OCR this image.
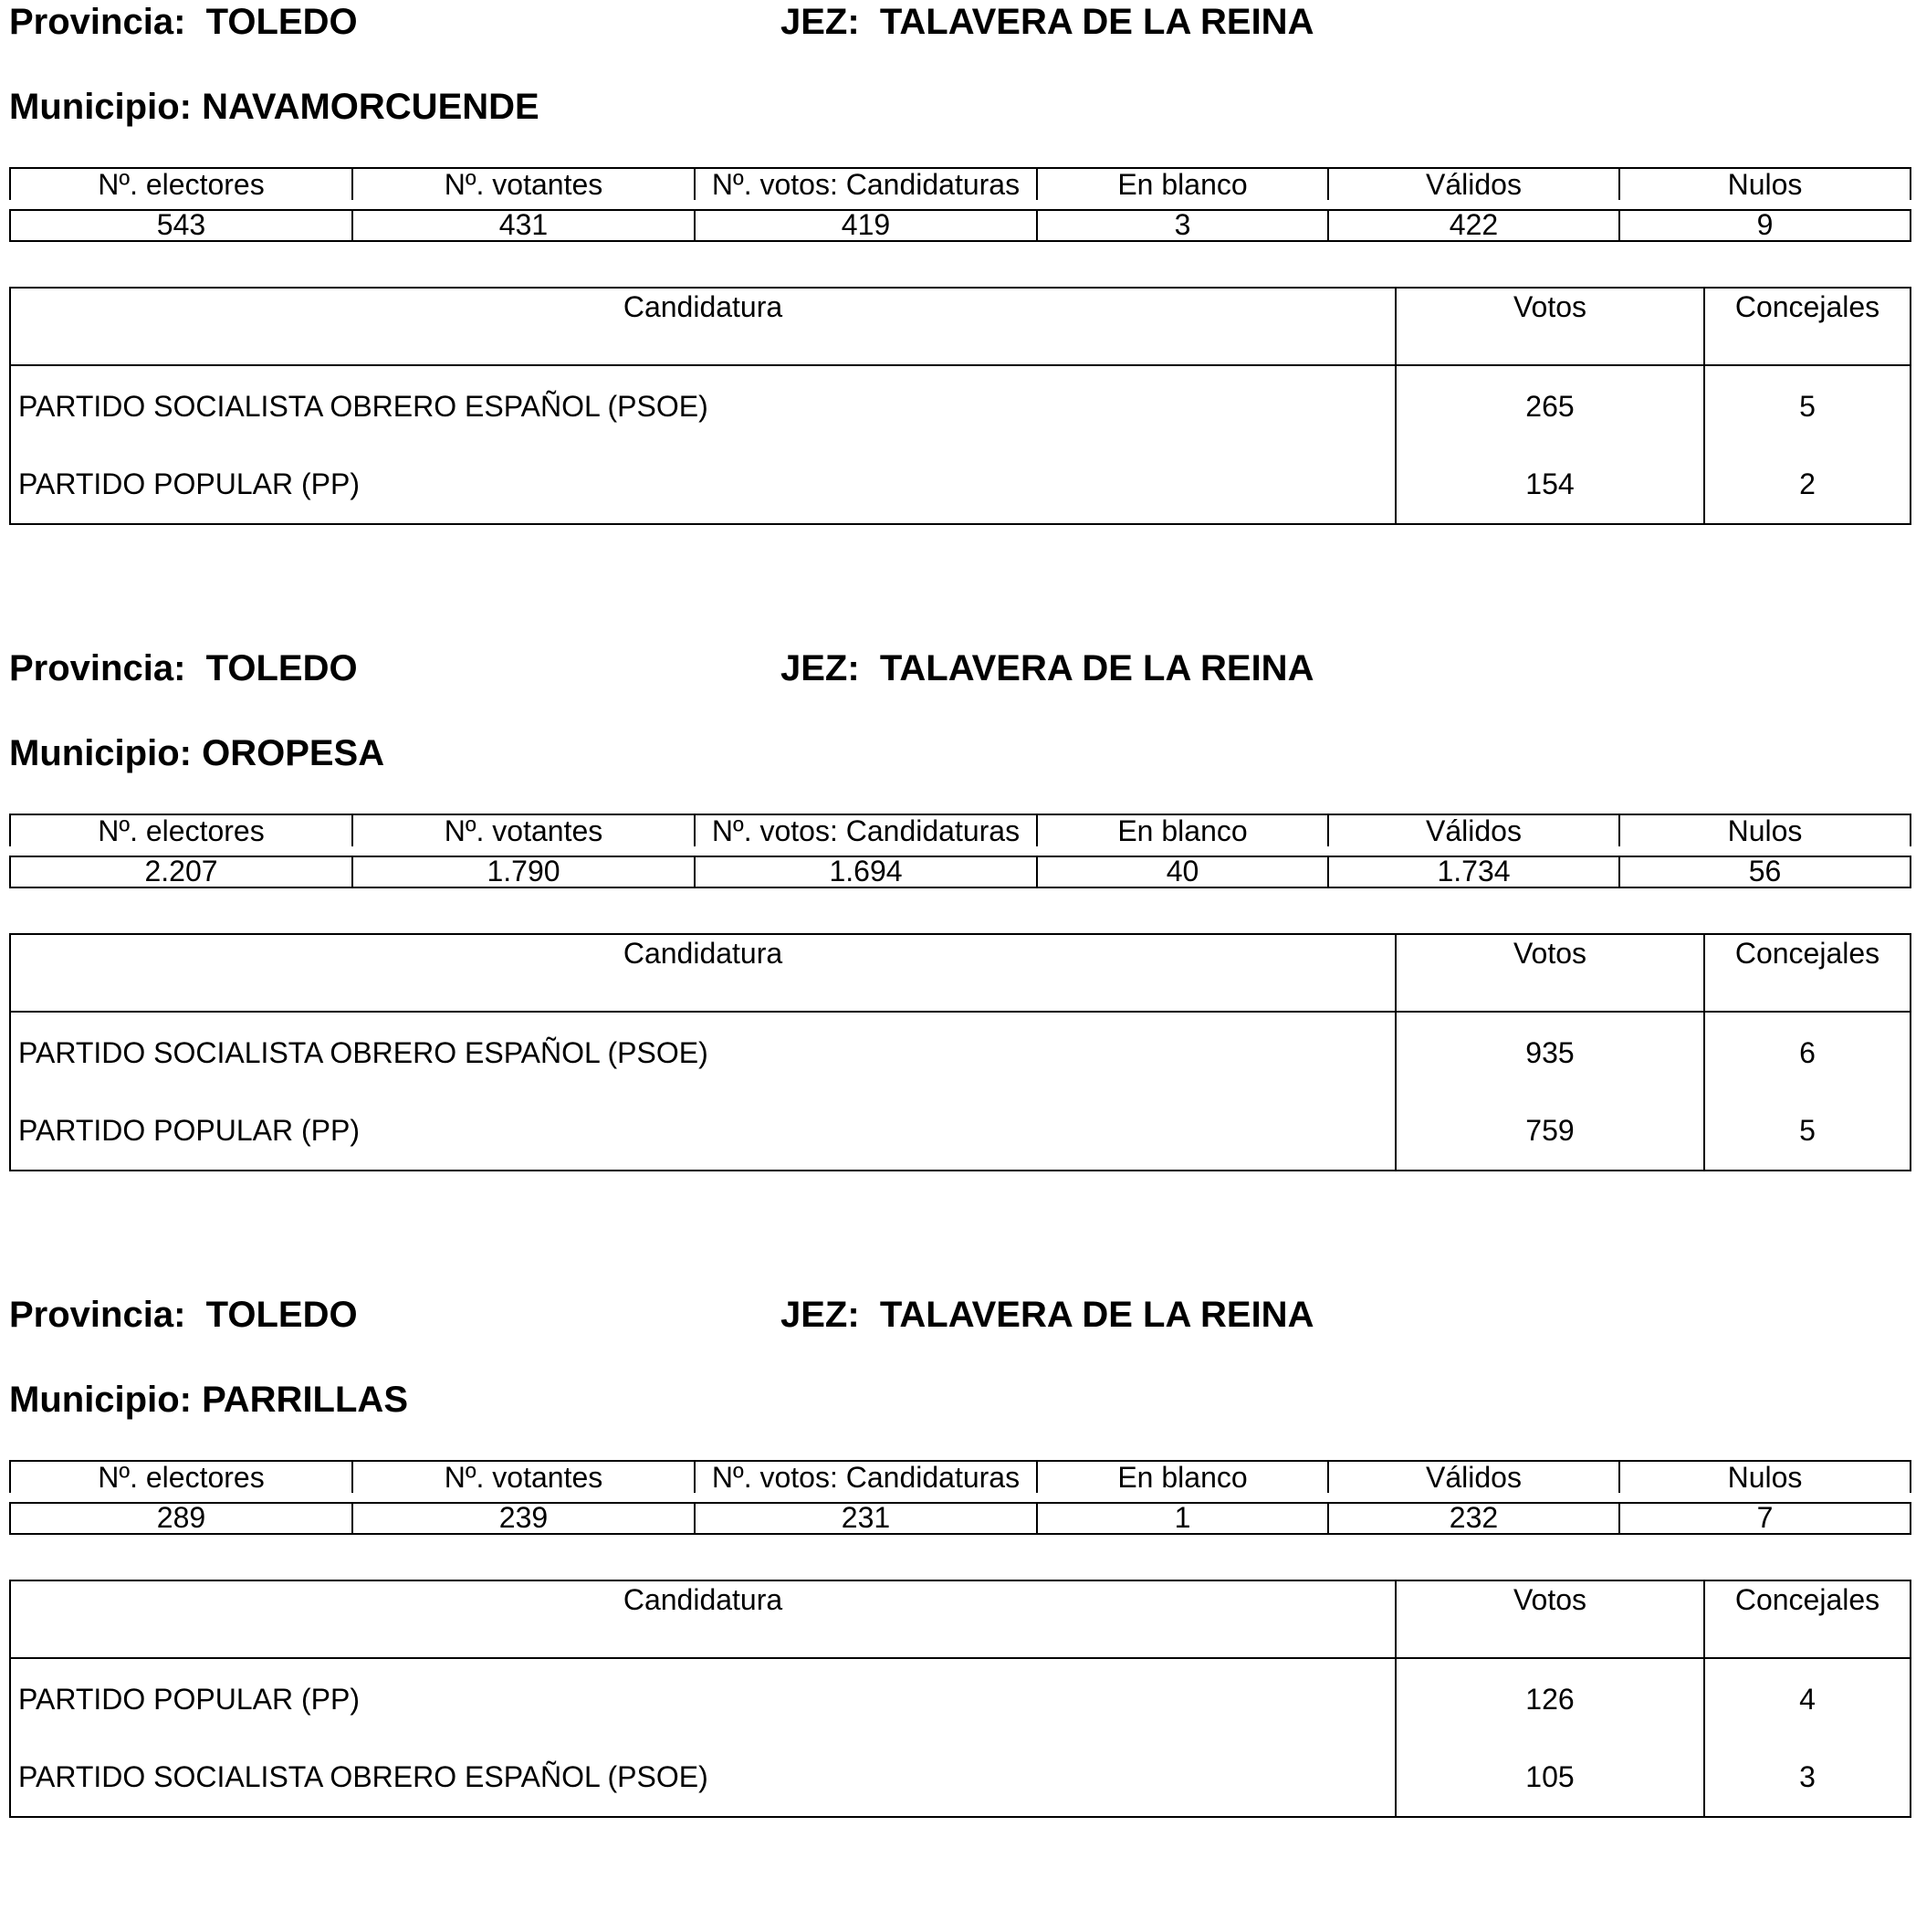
Provincia:  TOLEDO	JEZ:  TALAVERA DE LA REINA
Municipio: NAVAMORCUENDE
Nº. electores	Nº. votantes	Nº. votos: Candidaturas	En blanco	Válidos	Nulos
543	431	419	3	422	9
Candidatura	Votos	Concejales
PARTIDO SOCIALISTA OBRERO ESPAÑOL (PSOE)	265	5
PARTIDO POPULAR (PP)	154	2
Provincia:  TOLEDO	JEZ:  TALAVERA DE LA REINA
Municipio: OROPESA
Nº. electores	Nº. votantes	Nº. votos: Candidaturas	En blanco	Válidos	Nulos
2.207	1.790	1.694	40	1.734	56
Candidatura	Votos	Concejales
PARTIDO SOCIALISTA OBRERO ESPAÑOL (PSOE)	935	6
PARTIDO POPULAR (PP)	759	5
Provincia:  TOLEDO	JEZ:  TALAVERA DE LA REINA
Municipio: PARRILLAS
Nº. electores	Nº. votantes	Nº. votos: Candidaturas	En blanco	Válidos	Nulos
289	239	231	1	232	7
Candidatura	Votos	Concejales
PARTIDO POPULAR (PP)	126	4
PARTIDO SOCIALISTA OBRERO ESPAÑOL (PSOE)	105	3
